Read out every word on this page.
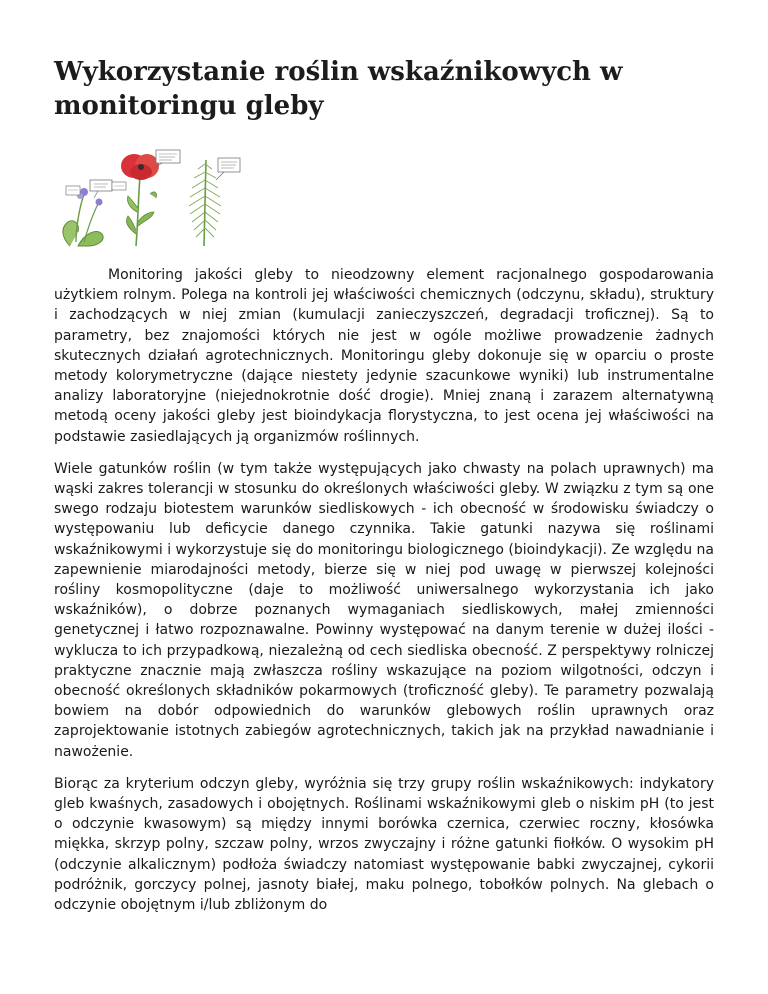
Wykorzystanie roślin wskaźnikowych w monitoringu gleby

Monitoring jakości gleby to nieodzowny element racjonalnego gospodarowania użytkiem rolnym. Polega na kontroli jej właściwości chemicznych (odczynu, składu), struktury i zachodzących w niej zmian (kumulacji zanieczyszczeń, degradacji troficznej). Są to parametry, bez znajomości których nie jest w ogóle możliwe prowadzenie żadnych skutecznych działań agrotechnicznych. Monitoringu gleby dokonuje się w oparciu o proste metody kolorymetryczne (dające niestety jedynie szacunkowe wyniki) lub instrumentalne analizy laboratoryjne (niejednokrotnie dość drogie). Mniej znaną i zarazem alternatywną metodą oceny jakości gleby jest bioindykacja florystyczna, to jest ocena jej właściwości na podstawie zasiedlających ją organizmów roślinnych.

Wiele gatunków roślin (w tym także występujących jako chwasty na polach uprawnych) ma wąski zakres tolerancji w stosunku do określonych właściwości gleby. W związku z tym są one swego rodzaju biotestem warunków siedliskowych - ich obecność w środowisku świadczy o występowaniu lub deficycie danego czynnika. Takie gatunki nazywa się roślinami wskaźnikowymi i wykorzystuje się do monitoringu biologicznego (bioindykacji). Ze względu na zapewnienie miarodajności metody, bierze się w niej pod uwagę w pierwszej kolejności rośliny kosmopolityczne (daje to możliwość uniwersalnego wykorzystania ich jako wskaźników), o dobrze poznanych wymaganiach siedliskowych, małej zmienności genetycznej i łatwo rozpoznawalne. Powinny występować na danym terenie w dużej ilości - wyklucza to ich przypadkową, niezależną od cech siedliska obecność. Z perspektywy rolniczej praktyczne znacznie mają zwłaszcza rośliny wskazujące na poziom wilgotności, odczyn i obecność określonych składników pokarmowych (troficzność gleby). Te parametry pozwalają bowiem na dobór odpowiednich do warunków glebowych roślin uprawnych oraz zaprojektowanie istotnych zabiegów agrotechnicznych, takich jak na przykład nawadnianie i nawożenie.

Biorąc za kryterium odczyn gleby, wyróżnia się trzy grupy roślin wskaźnikowych: indykatory gleb kwaśnych, zasadowych i obojętnych. Roślinami wskaźnikowymi gleb o niskim pH (to jest o odczynie kwasowym) są między innymi borówka czernica, czerwiec roczny, kłosówka miękka, skrzyp polny, szczaw polny, wrzos zwyczajny i różne gatunki fiołków. O wysokim pH (odczynie alkalicznym) podłoża świadczy natomiast występowanie babki zwyczajnej, cykorii podróżnik, gorczycy polnej, jasnoty białej, maku polnego, tobołków polnych. Na glebach o odczynie obojętnym i/lub zbliżonym do
